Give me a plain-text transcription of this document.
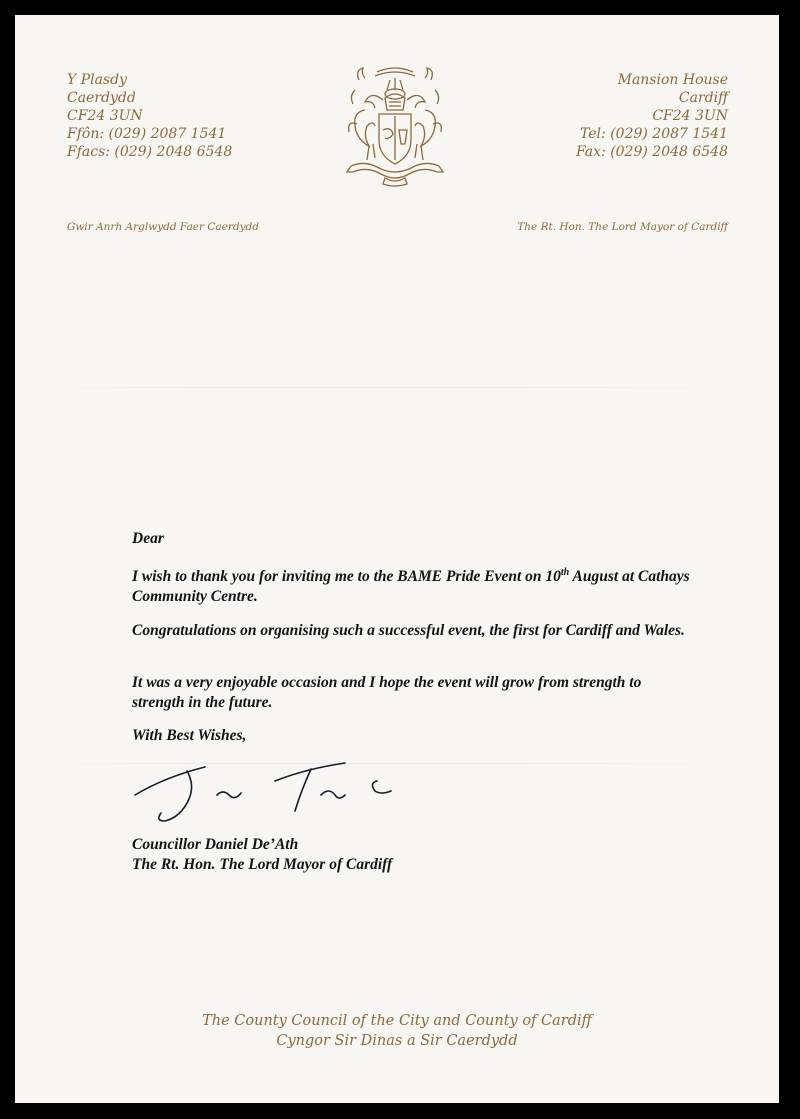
Y Plasdy
Caerdydd
CF24 3UN
Ffôn: (029) 2087 1541
Ffacs: (029) 2048 6548
Mansion House
Cardiff
CF24 3UN
Tel: (029) 2087 1541
Fax: (029) 2048 6548
Gwir Anrh Arglwydd Faer Caerdydd	The Rt. Hon. The Lord Mayor of Cardiff
Dear
I wish to thank you for inviting me to the BAME Pride Event on 10th August at Cathays Community Centre.
Congratulations on organising such a successful event, the first for Cardiff and Wales.
It was a very enjoyable occasion and I hope the event will grow from strength to strength in the future.
With Best Wishes,
Councillor Daniel De’Ath
The Rt. Hon. The Lord Mayor of Cardiff
The County Council of the City and County of Cardiff
Cyngor Sir Dinas a Sir Caerdydd
